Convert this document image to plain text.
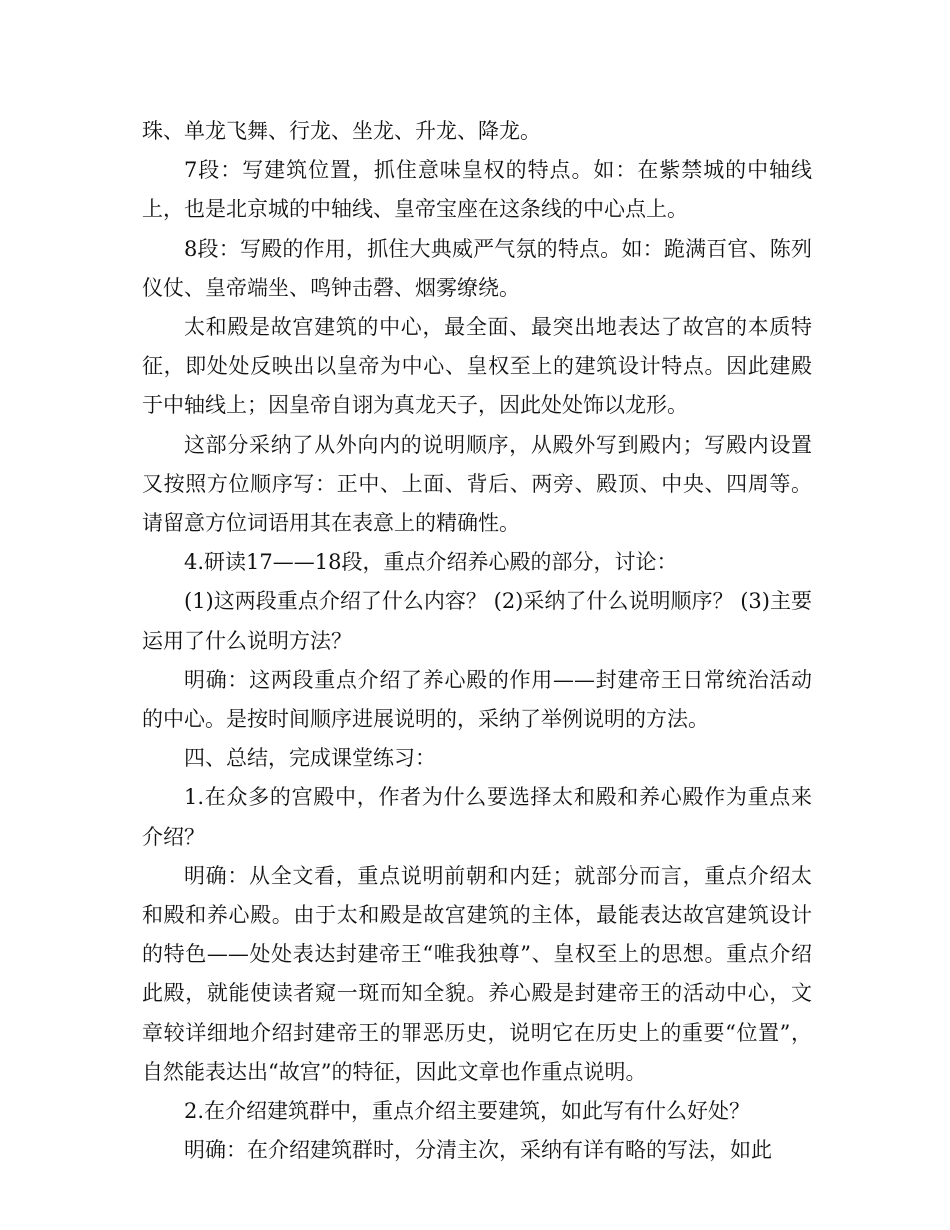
珠、单龙飞舞、行龙、坐龙、升龙、降龙。

7段：写建筑位置，抓住意味皇权的特点。如：在紫禁城的中轴线上，也是北京城的中轴线、皇帝宝座在这条线的中心点上。

8段：写殿的作用，抓住大典威严气氛的特点。如：跪满百官、陈列仪仗、皇帝端坐、鸣钟击磬、烟雾缭绕。

太和殿是故宫建筑的中心，最全面、最突出地表达了故宫的本质特征，即处处反映出以皇帝为中心、皇权至上的建筑设计特点。因此建殿于中轴线上；因皇帝自诩为真龙天子，因此处处饰以龙形。

这部分采纳了从外向内的说明顺序，从殿外写到殿内；写殿内设置又按照方位顺序写：正中、上面、背后、两旁、殿顶、中央、四周等。请留意方位词语用其在表意上的精确性。

4.研读17——18段，重点介绍养心殿的部分，讨论：

(1)这两段重点介绍了什么内容？ (2)采纳了什么说明顺序？ (3)主要运用了什么说明方法？

明确：这两段重点介绍了养心殿的作用——封建帝王日常统治活动的中心。是按时间顺序进展说明的，采纳了举例说明的方法。

四、总结，完成课堂练习：

1.在众多的宫殿中，作者为什么要选择太和殿和养心殿作为重点来介绍？

明确：从全文看，重点说明前朝和内廷；就部分而言，重点介绍太和殿和养心殿。由于太和殿是故宫建筑的主体，最能表达故宫建筑设计的特色——处处表达封建帝王“唯我独尊”、皇权至上的思想。重点介绍此殿，就能使读者窥一斑而知全貌。养心殿是封建帝王的活动中心，文章较详细地介绍封建帝王的罪恶历史，说明它在历史上的重要“位置”，自然能表达出“故宫”的特征，因此文章也作重点说明。

2.在介绍建筑群中，重点介绍主要建筑，如此写有什么好处？

明确：在介绍建筑群时，分清主次，采纳有详有略的写法，如此
